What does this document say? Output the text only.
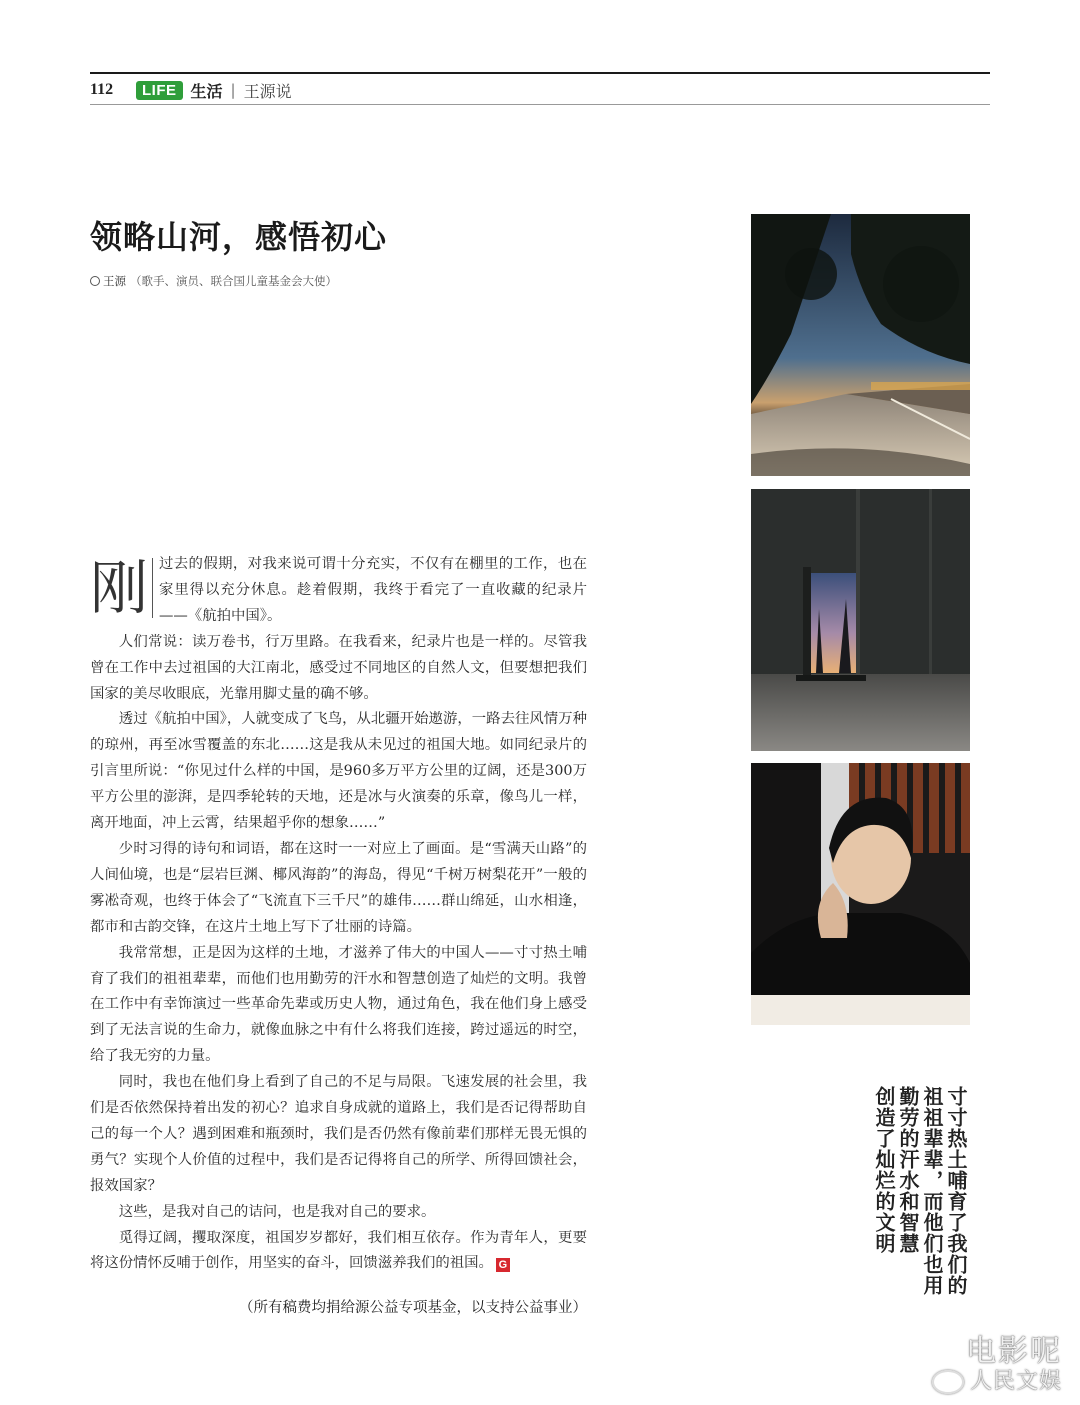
112	LIFE 生活 | 王源说
领略山河，感悟初心
王源 （歌手、演员、联合国儿童基金会大使）

刚 过去的假期，对我来说可谓十分充实，不仅有在棚里的工作，也在家里得以充分休息。趁着假期，我终于看完了一直收藏的纪录片——《航拍中国》。

人们常说：读万卷书，行万里路。在我看来，纪录片也是一样的。尽管我曾在工作中去过祖国的大江南北，感受过不同地区的自然人文，但要想把我们国家的美尽收眼底，光靠用脚丈量的确不够。

透过《航拍中国》，人就变成了飞鸟，从北疆开始遨游，一路去往风情万种的琼州，再至冰雪覆盖的东北……这是我从未见过的祖国大地。如同纪录片的引言里所说：“你见过什么样的中国，是960多万平方公里的辽阔，还是300万平方公里的澎湃，是四季轮转的天地，还是冰与火演奏的乐章，像鸟儿一样，离开地面，冲上云霄，结果超乎你的想象……”

少时习得的诗句和词语，都在这时一一对应上了画面。是“雪满天山路”的人间仙境，也是“层岩巨渊、椰风海韵”的海岛，得见“千树万树梨花开”一般的雾凇奇观，也终于体会了“飞流直下三千尺”的雄伟……群山绵延，山水相逢，都市和古韵交锋，在这片土地上写下了壮丽的诗篇。

我常常想，正是因为这样的土地，才滋养了伟大的中国人——寸寸热土哺育了我们的祖祖辈辈，而他们也用勤劳的汗水和智慧创造了灿烂的文明。我曾在工作中有幸饰演过一些革命先辈或历史人物，通过角色，我在他们身上感受到了无法言说的生命力，就像血脉之中有什么将我们连接，跨过遥远的时空，给了我无穷的力量。

同时，我也在他们身上看到了自己的不足与局限。飞速发展的社会里，我们是否依然保持着出发的初心？追求自身成就的道路上，我们是否记得帮助自己的每一个人？遇到困难和瓶颈时，我们是否仍然有像前辈们那样无畏无惧的勇气？实现个人价值的过程中，我们是否记得将自己的所学、所得回馈社会，报效国家？

这些，是我对自己的诘问，也是我对自己的要求。

觅得辽阔，攫取深度，祖国岁岁都好，我们相互依存。作为青年人，更要将这份情怀反哺于创作，用坚实的奋斗，回馈滋养我们的祖国。 G

（所有稿费均捐给源公益专项基金，以支持公益事业）
寸寸热土哺育了我们的
祖祖辈辈，而他们也用
勤劳的汗水和智慧
创造了灿烂的文明
电影呢
人民文娱
